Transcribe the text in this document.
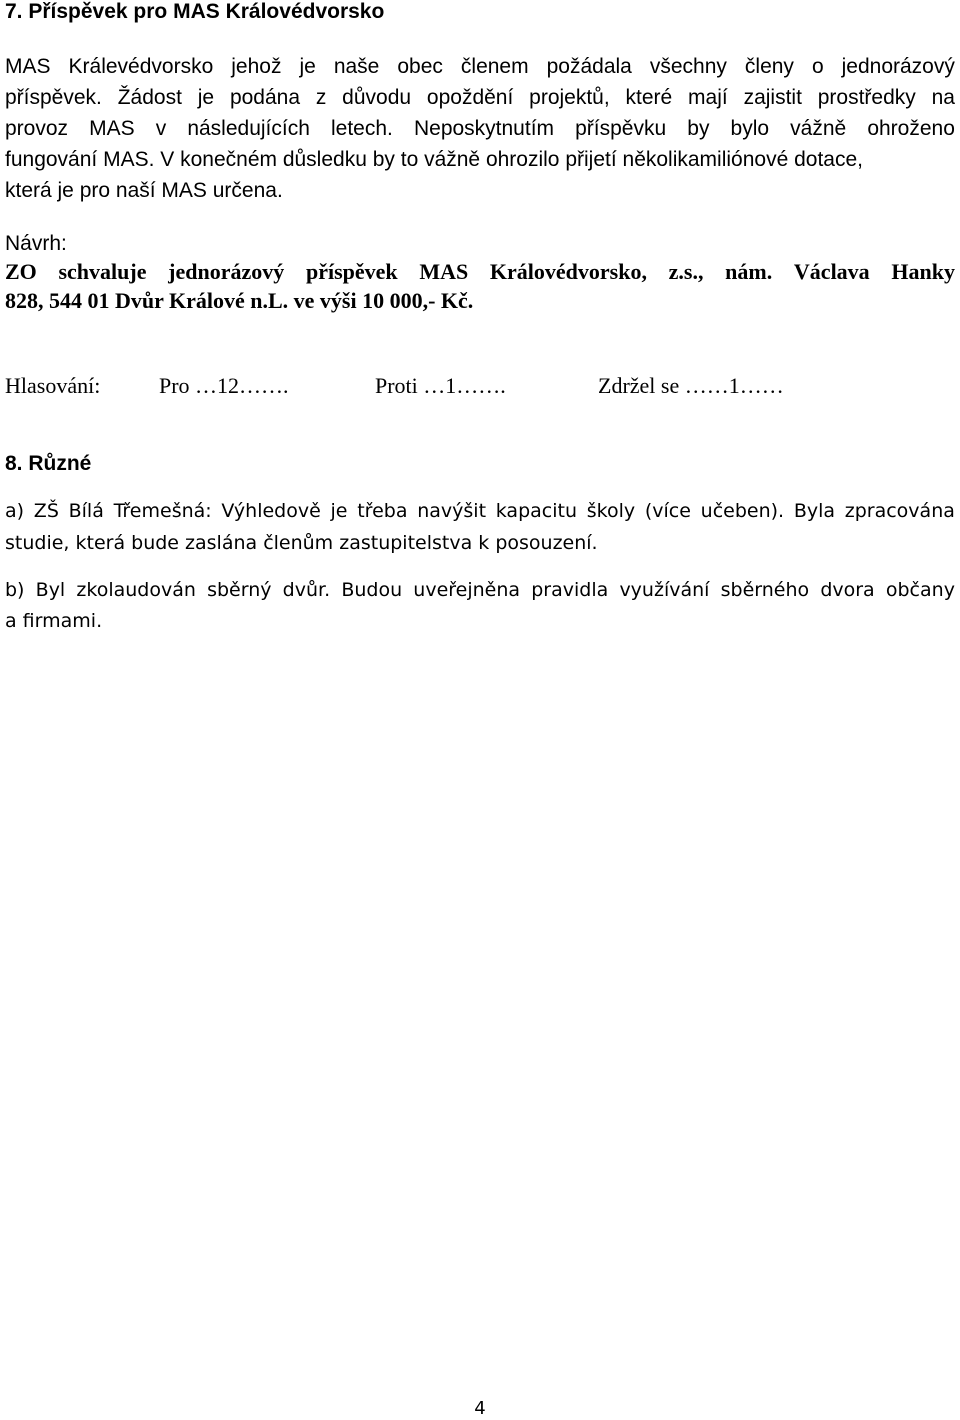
7. Příspěvek pro MAS Královédvorsko
MAS Králevédvorsko jehož je naše obec členem požádala všechny členy o jednorázový
příspěvek. Žádost je podána z důvodu opoždění projektů, které mají zajistit prostředky na
provoz MAS v následujících letech. Neposkytnutím příspěvku by bylo vážně ohroženo
fungování MAS. V konečném důsledku by to vážně ohrozilo přijetí několikamiliónové dotace,
která je pro naší MAS určena.
Návrh:
ZO schvaluje jednorázový příspěvek MAS Královédvorsko, z.s., nám. Václava Hanky
828, 544 01 Dvůr Králové n.L. ve výši 10 000,- Kč.
Hlasování:	Pro …12…….	Proti …1…….	Zdržel se ……1……
8. Různé
a) ZŠ Bílá Třemešná: Výhledově je třeba navýšit kapacitu školy (více učeben). Byla zpracována
studie, která bude zaslána členům zastupitelstva k posouzení.
b) Byl zkolaudován sběrný dvůr. Budou uveřejněna pravidla využívání sběrného dvora občany
a firmami.
4
